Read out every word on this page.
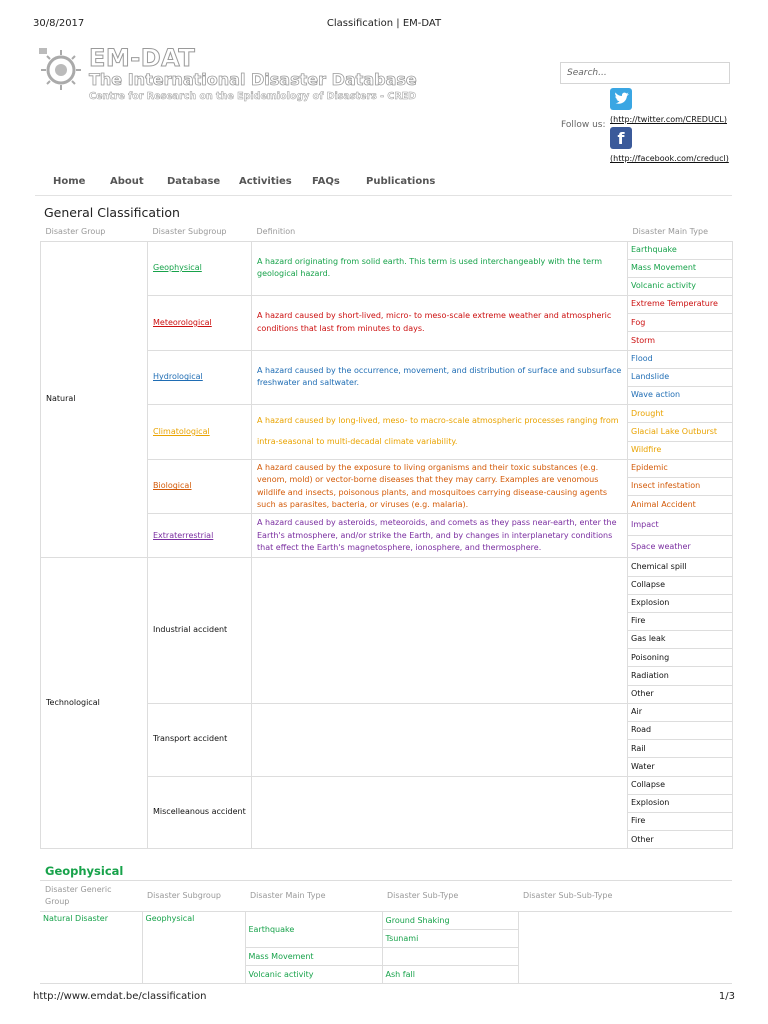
30/8/2017	Classification | EM-DAT
EM-DAT
The International Disaster Database
Centre for Research on the Epidemiology of Disasters - CRED
Search...
f
Follow us:
(http://twitter.com/CREDUCL)
(http://facebook.com/creducl)
Home About Database Activities FAQs	Publications
General Classification
Disaster Group	Disaster Subgroup	Definition	Disaster Main Type
Natural	Geophysical	A hazard originating from solid earth. This term is used interchangeably with the term geological hazard.	Earthquake
			Mass Movement
			Volcanic activity
	Meteorological	A hazard caused by short-lived, micro- to meso-scale extreme weather and atmospheric conditions that last from minutes to days.	Extreme Temperature
			Fog
			Storm
	Hydrological	A hazard caused by the occurrence, movement, and distribution of surface and subsurface freshwater and saltwater.	Flood
			Landslide
			Wave action
	Climatological	A hazard caused by long-lived, meso- to macro-scale atmospheric processes ranging from
intra-seasonal to multi-decadal climate variability.	Drought
			Glacial Lake Outburst
			Wildfire
	Biological	A hazard caused by the exposure to living organisms and their toxic substances (e.g. venom, mold) or vector-borne diseases that they may carry. Examples are venomous wildlife and insects, poisonous plants, and mosquitoes carrying disease-causing agents such as parasites, bacteria, or viruses (e.g. malaria).	Epidemic
			Insect infestation
			Animal Accident
	Extraterrestrial	A hazard caused by asteroids, meteoroids, and comets as they pass near-earth, enter the Earth's atmosphere, and/or strike the Earth, and by changes in interplanetary conditions that effect the Earth's magnetosphere, ionosphere, and thermosphere.	Impact
			Space weather
Technological	Industrial accident		Chemical spill
			Collapse
			Explosion
			Fire
			Gas leak
			Poisoning
			Radiation
			Other
	Transport accident		Air
			Road
			Rail
			Water
	Miscelleanous accident		Collapse
			Explosion
			Fire
			Other
Geophysical
Disaster Generic Group	Disaster Subgroup	Disaster Main Type	Disaster Sub-Type	Disaster Sub-Sub-Type
Natural Disaster	Geophysical	Earthquake	Ground Shaking	
			Tsunami	
		Mass Movement		
		Volcanic activity	Ash fall	
http://www.emdat.be/classification	1/3
